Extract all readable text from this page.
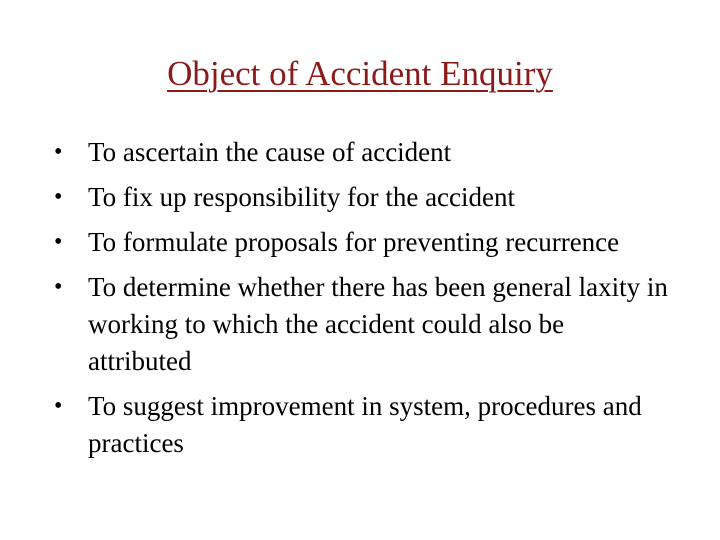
Object of Accident Enquiry
• To ascertain the cause of accident
• To fix up responsibility for the accident
• To formulate proposals for preventing recurrence
• To determine whether there has been general laxity in working to which the accident could also be attributed
• To suggest improvement in system, procedures and practices
